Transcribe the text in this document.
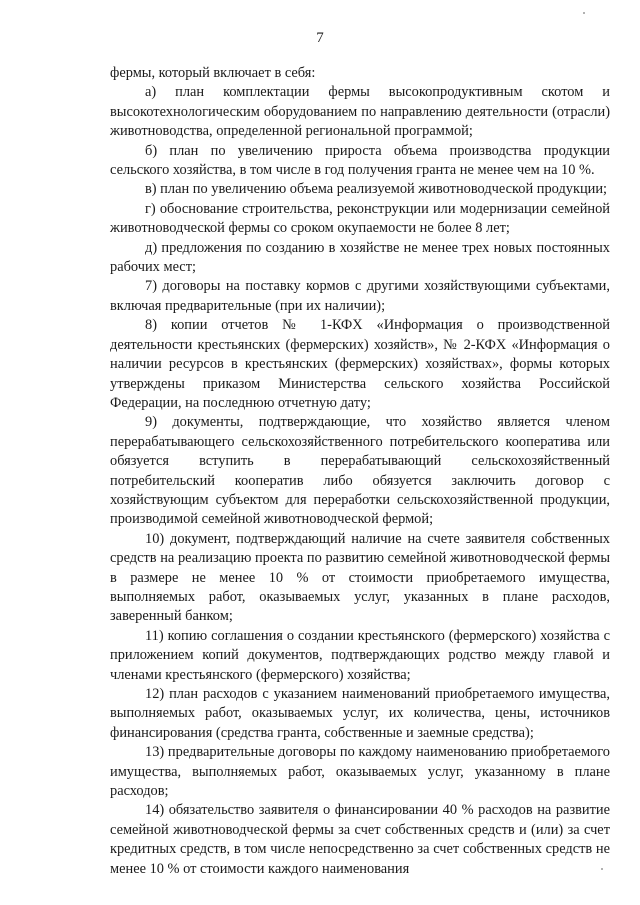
7

фермы, который включает в себя:

а) план комплектации фермы высокопродуктивным скотом и высокотехнологическим оборудованием по направлению деятельности (отрасли) животноводства, определенной региональной программой;

б) план по увеличению прироста объема производства продукции сельского хозяйства, в том числе в год получения гранта не менее чем на 10 %.

в) план по увеличению объема реализуемой животноводческой продукции;

г) обоснование строительства, реконструкции или модернизации семейной животноводческой фермы со сроком окупаемости не более 8 лет;

д) предложения по созданию в хозяйстве не менее трех новых постоянных рабочих мест;

7) договоры на поставку кормов с другими хозяйствующими субъектами, включая предварительные (при их наличии);

8) копии отчетов № 1-КФХ «Информация о производственной деятельности крестьянских (фермерских) хозяйств», № 2-КФХ «Информация о наличии ресурсов в крестьянских (фермерских) хозяйствах», формы которых утверждены приказом Министерства сельского хозяйства Российской Федерации, на последнюю отчетную дату;

9) документы, подтверждающие, что хозяйство является членом перерабатывающего сельскохозяйственного потребительского кооператива или обязуется вступить в перерабатывающий сельскохозяйственный потребительский кооператив либо обязуется заключить договор с хозяйствующим субъектом для переработки сельскохозяйственной продукции, производимой семейной животноводческой фермой;

10) документ, подтверждающий наличие на счете заявителя собственных средств на реализацию проекта по развитию семейной животноводческой фермы в размере не менее 10 % от стоимости приобретаемого имущества, выполняемых работ, оказываемых услуг, указанных в плане расходов, заверенный банком;

11) копию соглашения о создании крестьянского (фермерского) хозяйства с приложением копий документов, подтверждающих родство между главой и членами крестьянского (фермерского) хозяйства;

12) план расходов с указанием наименований приобретаемого имущества, выполняемых работ, оказываемых услуг, их количества, цены, источников финансирования (средства гранта, собственные и заемные средства);

13) предварительные договоры по каждому наименованию приобретаемого имущества, выполняемых работ, оказываемых услуг, указанному в плане расходов;

14) обязательство заявителя о финансировании 40 % расходов на развитие семейной животноводческой фермы за счет собственных средств и (или) за счет кредитных средств, в том числе непосредственно за счет собственных средств не менее 10 % от стоимости каждого наименования
